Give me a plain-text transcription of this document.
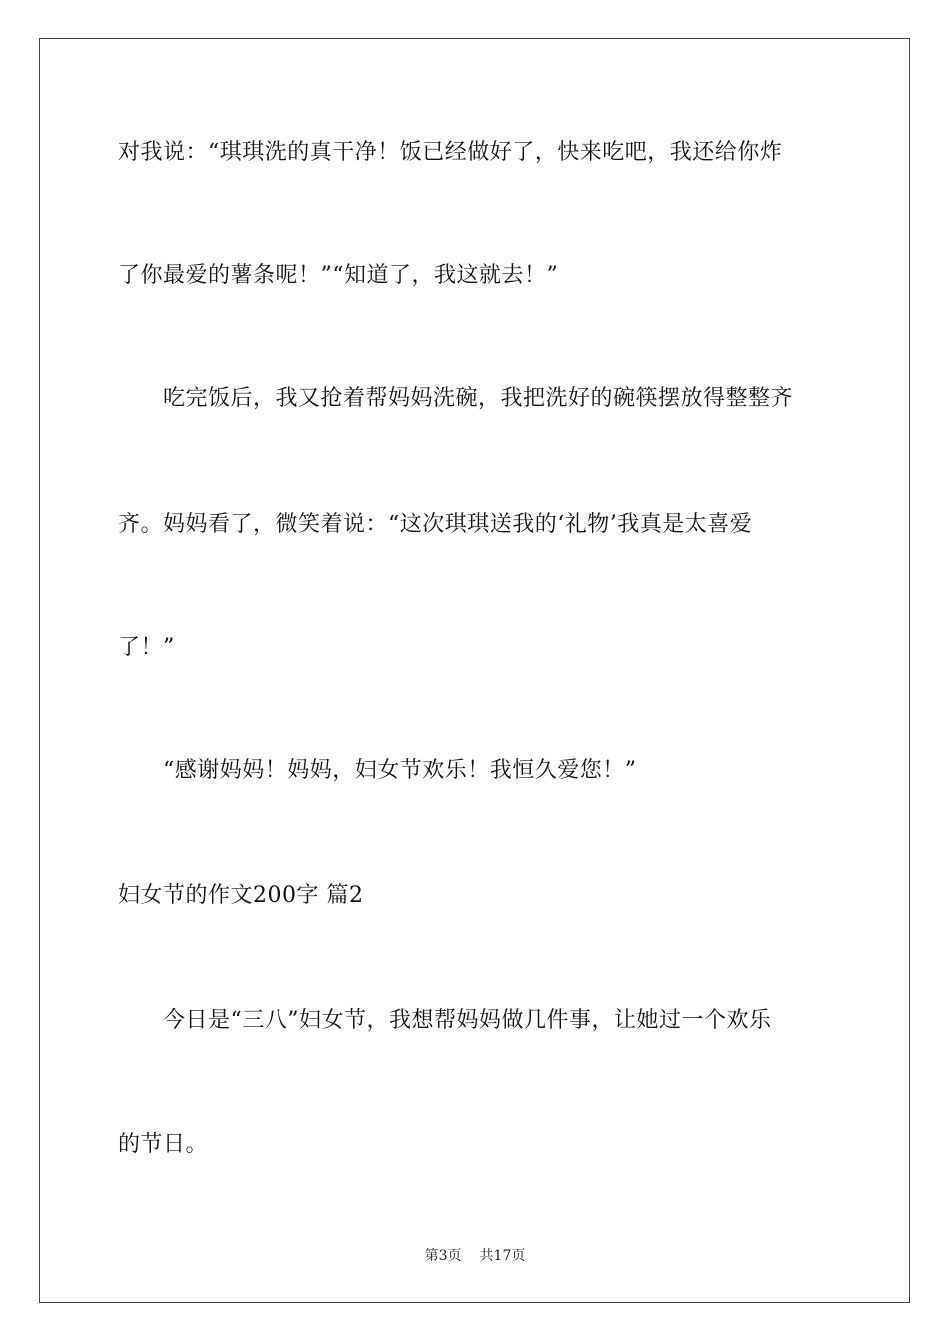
对我说：“琪琪洗的真干净！饭已经做好了，快来吃吧，我还给你炸
了你最爱的薯条呢！”“知道了，我这就去！”
吃完饭后，我又抢着帮妈妈洗碗，我把洗好的碗筷摆放得整整齐
齐。妈妈看了，微笑着说：“这次琪琪送我的‘礼物’我真是太喜爱
了！”
“感谢妈妈！妈妈，妇女节欢乐！我恒久爱您！”
妇女节的作文200字 篇2
今日是“三八”妇女节，我想帮妈妈做几件事，让她过一个欢乐
的节日。
第3页 共17页
